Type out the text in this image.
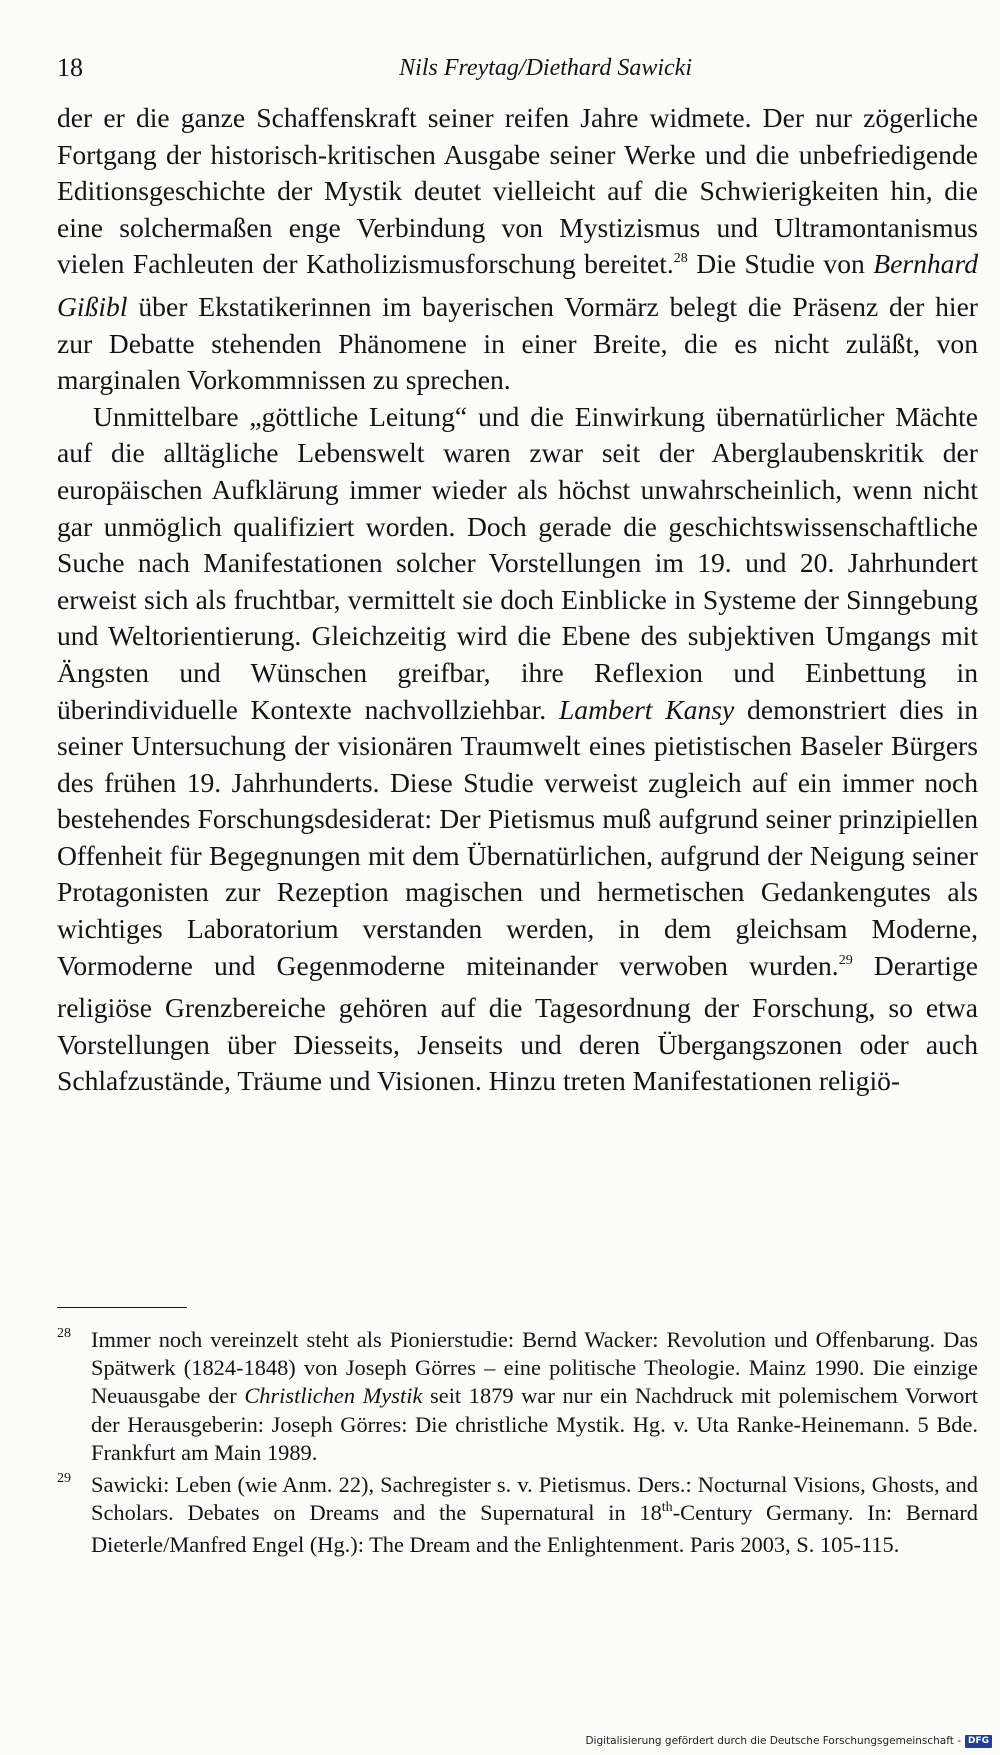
18	Nils Freytag/Diethard Sawicki

der er die ganze Schaffenskraft seiner reifen Jahre widmete. Der nur zögerliche Fortgang der historisch-kritischen Ausgabe seiner Werke und die unbefriedigende Editionsgeschichte der Mystik deutet vielleicht auf die Schwierigkeiten hin, die eine solchermaßen enge Verbindung von Mystizismus und Ultramontanismus vielen Fachleuten der Katholizismusforschung bereitet.$^{28}$ Die Studie von Bernhard Gißibl über Ekstatikerinnen im bayerischen Vormärz belegt die Präsenz der hier zur Debatte stehenden Phänomene in einer Breite, die es nicht zuläßt, von marginalen Vorkommnissen zu sprechen.

Unmittelbare „göttliche Leitung“ und die Einwirkung übernatürlicher Mächte auf die alltägliche Lebenswelt waren zwar seit der Aberglaubenskritik der europäischen Aufklärung immer wieder als höchst unwahrscheinlich, wenn nicht gar unmöglich qualifiziert worden. Doch gerade die geschichtswissenschaftliche Suche nach Manifestationen solcher Vorstellungen im 19. und 20. Jahrhundert erweist sich als fruchtbar, vermittelt sie doch Einblicke in Systeme der Sinngebung und Weltorientierung. Gleichzeitig wird die Ebene des subjektiven Umgangs mit Ängsten und Wünschen greifbar, ihre Reflexion und Einbettung in überindividuelle Kontexte nachvollziehbar. Lambert Kansy demonstriert dies in seiner Untersuchung der visionären Traumwelt eines pietistischen Baseler Bürgers des frühen 19. Jahrhunderts. Diese Studie verweist zugleich auf ein immer noch bestehendes Forschungsdesiderat: Der Pietismus muß aufgrund seiner prinzipiellen Offenheit für Begegnungen mit dem Übernatürlichen, aufgrund der Neigung seiner Protagonisten zur Rezeption magischen und hermetischen Gedankengutes als wichtiges Laboratorium verstanden werden, in dem gleichsam Moderne, Vormoderne und Gegenmoderne miteinander verwoben wurden.$^{29}$ Derartige religiöse Grenzbereiche gehören auf die Tagesordnung der Forschung, so etwa Vorstellungen über Diesseits, Jenseits und deren Übergangszonen oder auch Schlafzustände, Träume und Visionen. Hinzu treten Manifestationen religiö-

28 Immer noch vereinzelt steht als Pionierstudie: Bernd Wacker: Revolution und Offenbarung. Das Spätwerk (1824-1848) von Joseph Görres – eine politische Theologie. Mainz 1990. Die einzige Neuausgabe der Christlichen Mystik seit 1879 war nur ein Nachdruck mit polemischem Vorwort der Herausgeberin: Joseph Görres: Die christliche Mystik. Hg. v. Uta Ranke-Heinemann. 5 Bde. Frankfurt am Main 1989.
29 Sawicki: Leben (wie Anm. 22), Sachregister s. v. Pietismus. Ders.: Nocturnal Visions, Ghosts, and Scholars. Debates on Dreams and the Supernatural in 18th-Century Germany. In: Bernard Dieterle/Manfred Engel (Hg.): The Dream and the Enlightenment. Paris 2003, S. 105-115.
Digitalisierung gefördert durch die Deutsche Forschungsgemeinschaft - DFG
